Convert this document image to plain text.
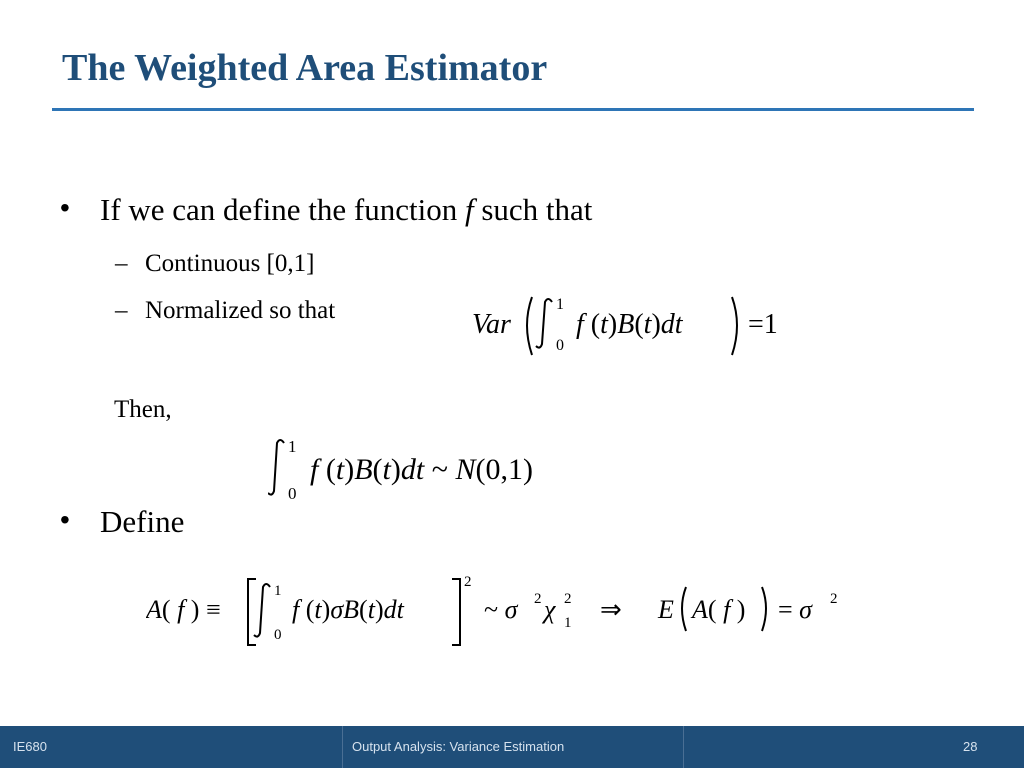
The Weighted Area Estimator
• If we can define the function f such that
– Continuous [0,1]
– Normalized so that	Var
1
0
f (t)B(t)dt =1
Then,
1
0
f (t)B(t)dt ~ N(0,1)
• Define
A( f ) ≡
1
0
f (t)σB(t)dt
2
~ σ 2 χ 2
1 ⇒ E A( f ) = σ 2
IE680	Output Analysis: Variance Estimation	28
